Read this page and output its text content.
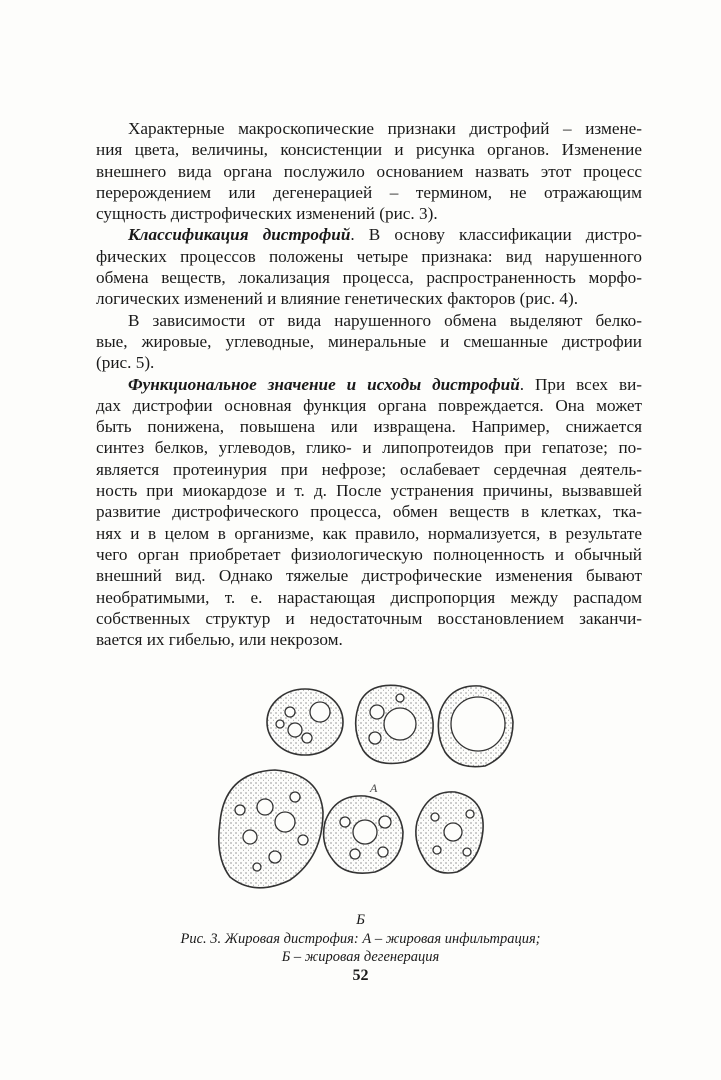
Характерные макроскопические признаки дистрофий – измене-
ния цвета, величины, консистенции и рисунка органов. Изменение
внешнего вида органа послужило основанием назвать этот процесс
перерождением или дегенерацией – термином, не отражающим
сущность дистрофических изменений (рис. 3).

Классификация дистрофий. В основу классификации дистро-
фических процессов положены четыре признака: вид нарушенного
обмена веществ, локализация процесса, распространенность морфо-
логических изменений и влияние генетических факторов (рис. 4).

В зависимости от вида нарушенного обмена выделяют белко-
вые, жировые, углеводные, минеральные и смешанные дистрофии
(рис. 5).

Функциональное значение и исходы дистрофий. При всех ви-
дах дистрофии основная функция органа повреждается. Она может
быть понижена, повышена или извращена. Например, снижается
синтез белков, углеводов, глико- и липопротеидов при гепатозе; по-
является протеинурия при нефрозе; ослабевает сердечная деятель-
ность при миокардозе и т. д. После устранения причины, вызвавшей
развитие дистрофического процесса, обмен веществ в клетках, тка-
нях и в целом в организме, как правило, нормализуется, в результате
чего орган приобретает физиологическую полноценность и обычный
внешний вид. Однако тяжелые дистрофические изменения бывают
необратимыми, т. е. нарастающая диспропорция между распадом
собственных структур и недостаточным восстановлением заканчи-
вается их гибелью, или некрозом.

А
Б
Рис. 3. Жировая дистрофия: А – жировая инфильтрация;
Б – жировая дегенерация
52
